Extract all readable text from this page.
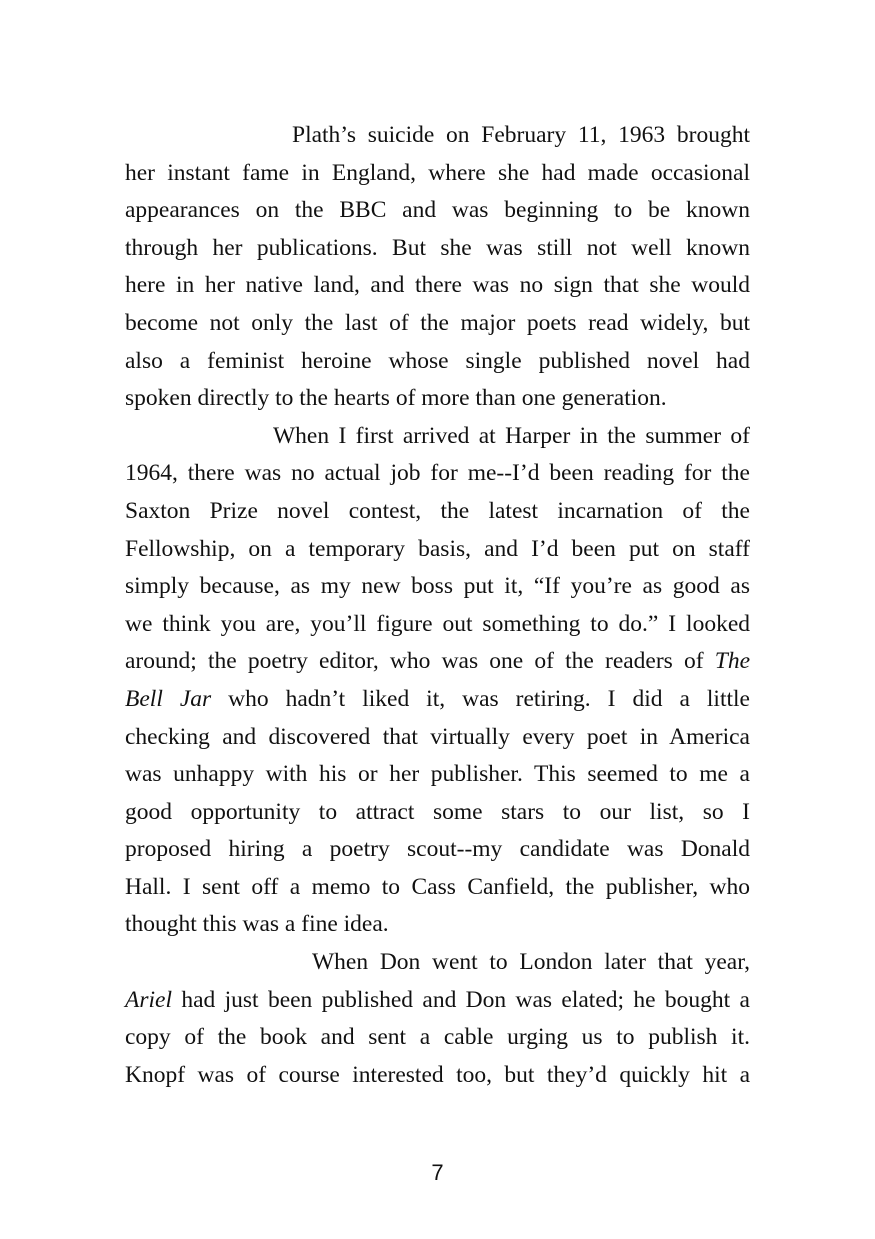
Plath’s suicide on February 11, 1963 brought
her instant fame in England, where she had made occasional
appearances on the BBC and was beginning to be known
through her publications. But she was still not well known
here in her native land, and there was no sign that she would
become not only the last of the major poets read widely, but
also a feminist heroine whose single published novel had
spoken directly to the hearts of more than one generation.
When I first arrived at Harper in the summer of
1964, there was no actual job for me--I’d been reading for the
Saxton Prize novel contest, the latest incarnation of the
Fellowship, on a temporary basis, and I’d been put on staff
simply because, as my new boss put it, “If you’re as good as
we think you are, you’ll figure out something to do.” I looked
around; the poetry editor, who was one of the readers of The
Bell Jar who hadn’t liked it, was retiring. I did a little
checking and discovered that virtually every poet in America
was unhappy with his or her publisher. This seemed to me a
good opportunity to attract some stars to our list, so I
proposed hiring a poetry scout--my candidate was Donald
Hall. I sent off a memo to Cass Canfield, the publisher, who
thought this was a fine idea.
When Don went to London later that year,
Ariel had just been published and Don was elated; he bought a
copy of the book and sent a cable urging us to publish it.
Knopf was of course interested too, but they’d quickly hit a
7
